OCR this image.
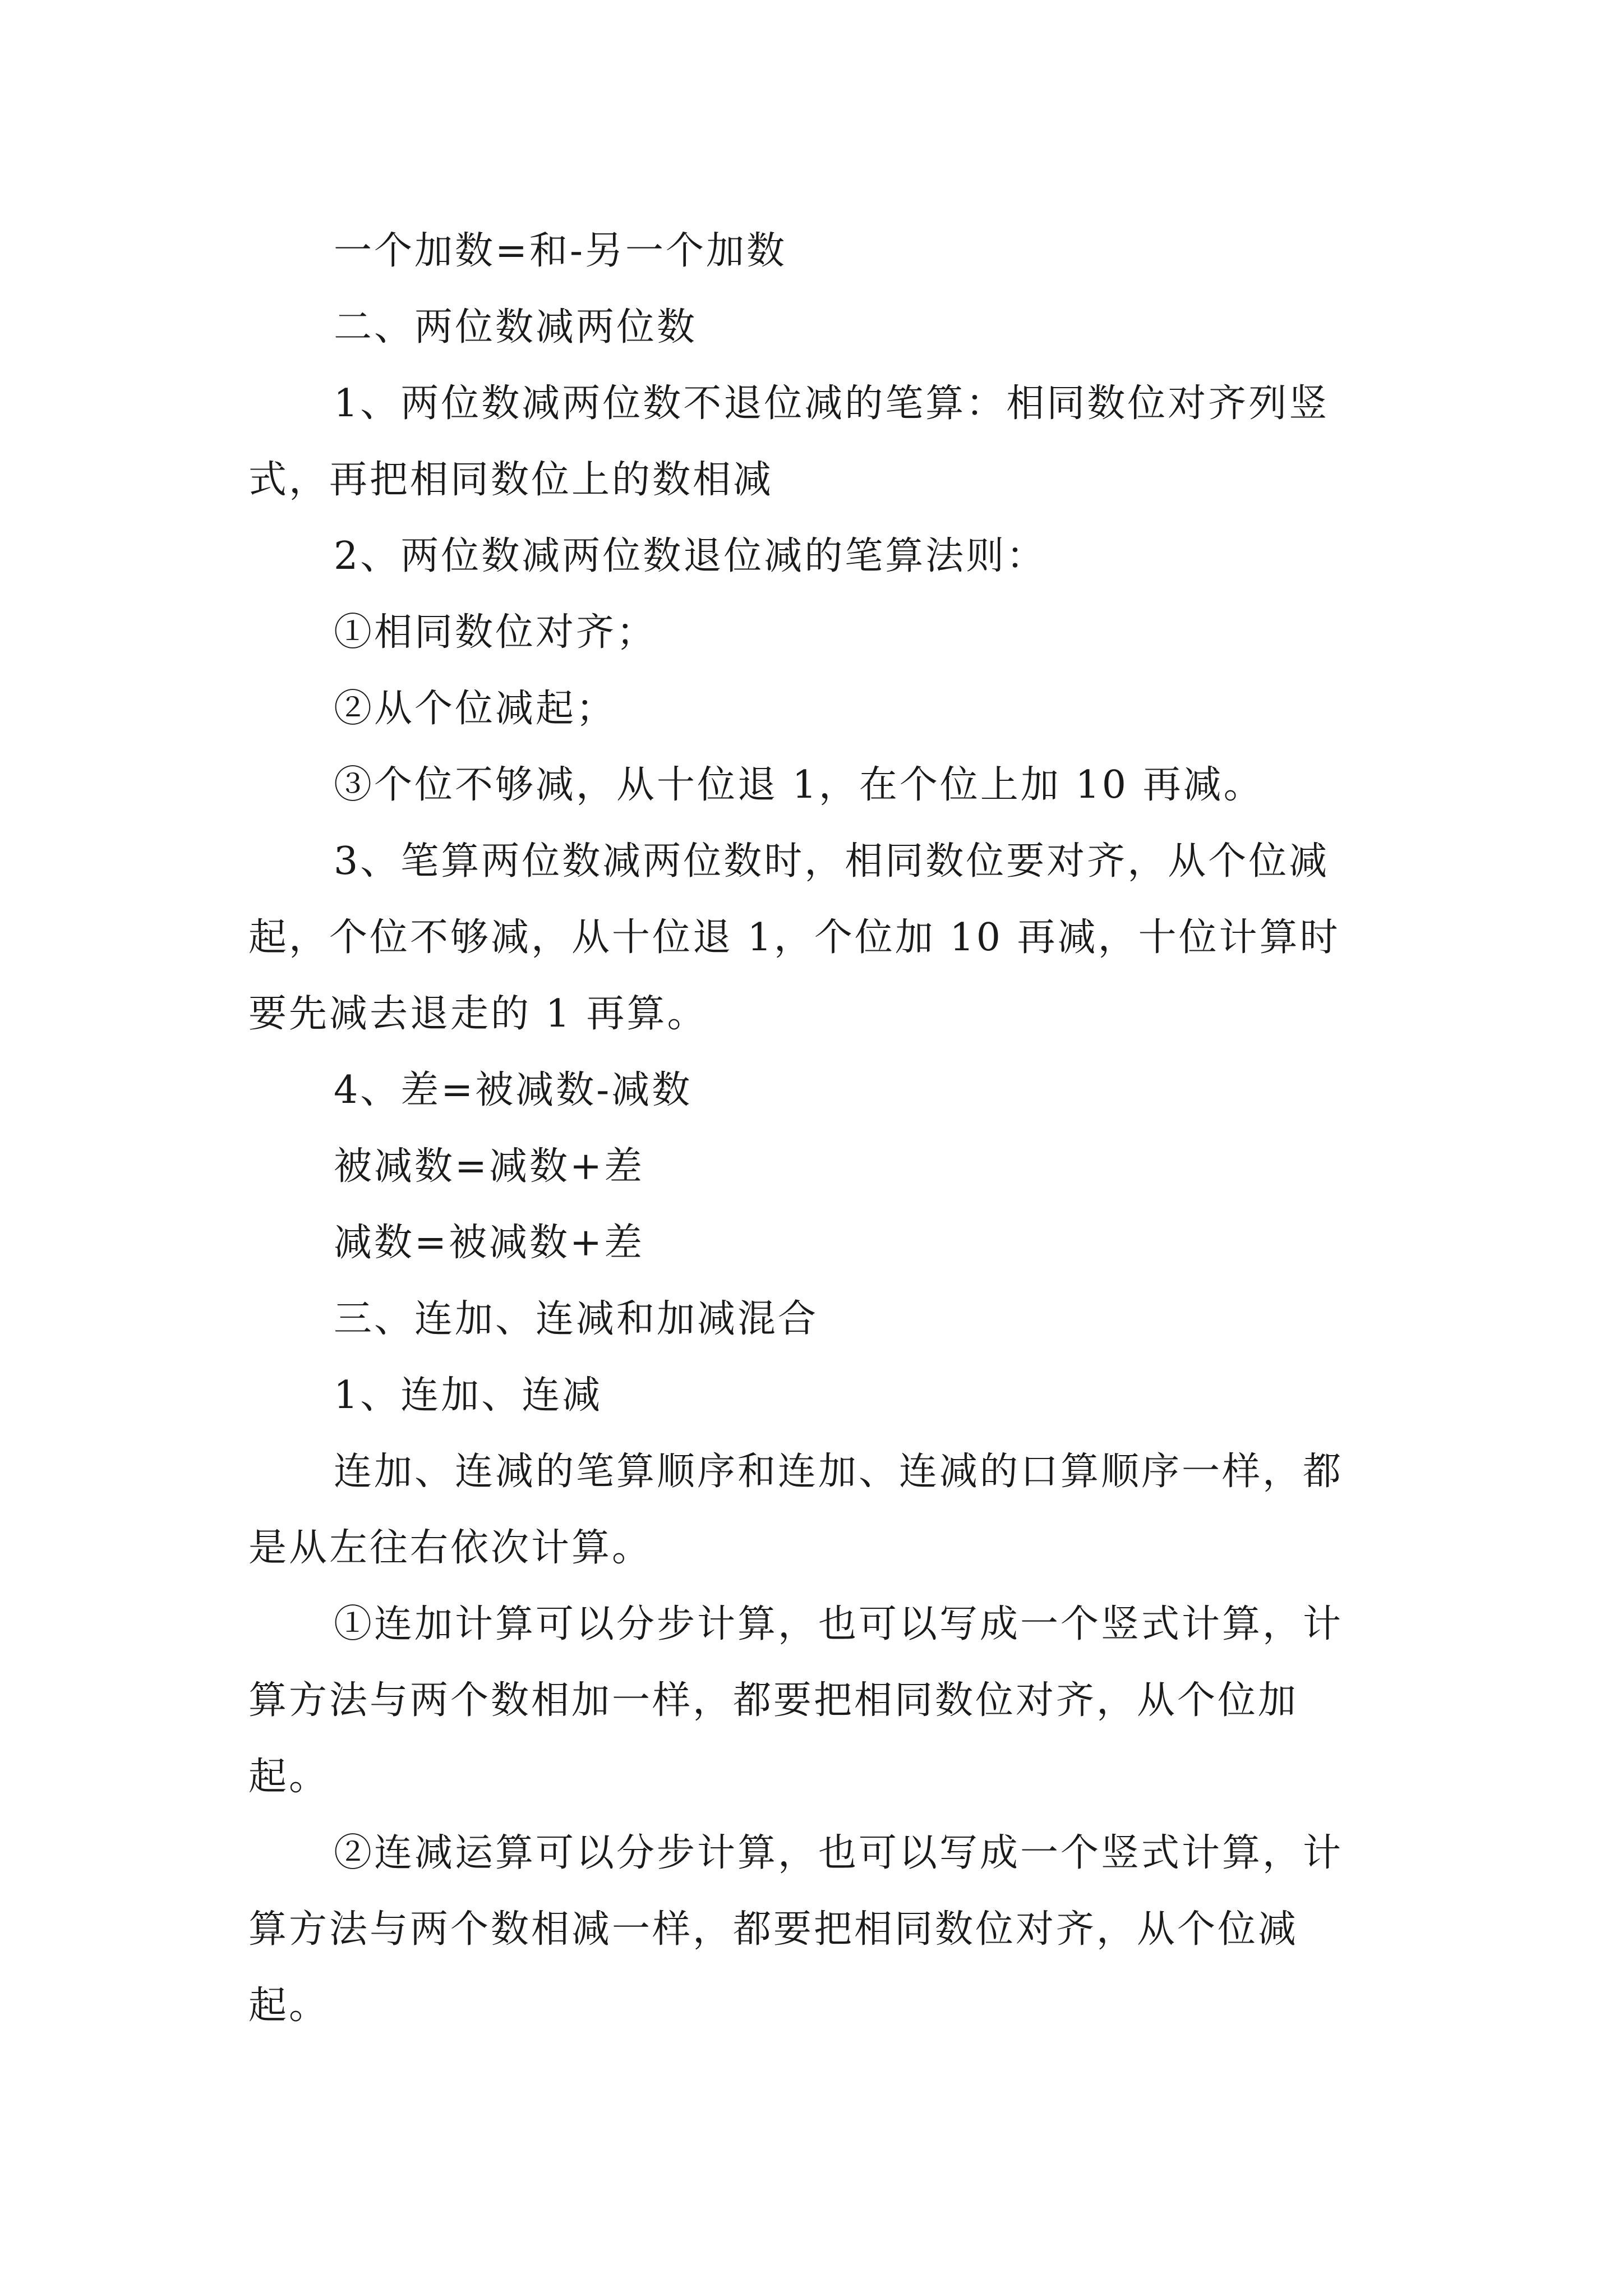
一个加数=和-另一个加数

二、两位数减两位数

1、两位数减两位数不退位减的笔算：相同数位对齐列竖式，再把相同数位上的数相减

2、两位数减两位数退位减的笔算法则：

①相同数位对齐；

②从个位减起；

③个位不够减，从十位退 1，在个位上加 10 再减。

3、笔算两位数减两位数时，相同数位要对齐，从个位减起，个位不够减，从十位退 1，个位加 10 再减，十位计算时要先减去退走的 1 再算。

4、差=被减数-减数

被减数=减数+差

减数=被减数+差

三、连加、连减和加减混合

1、连加、连减

连加、连减的笔算顺序和连加、连减的口算顺序一样，都是从左往右依次计算。

①连加计算可以分步计算，也可以写成一个竖式计算，计算方法与两个数相加一样，都要把相同数位对齐，从个位加起。

②连减运算可以分步计算，也可以写成一个竖式计算，计算方法与两个数相减一样，都要把相同数位对齐，从个位减起。
